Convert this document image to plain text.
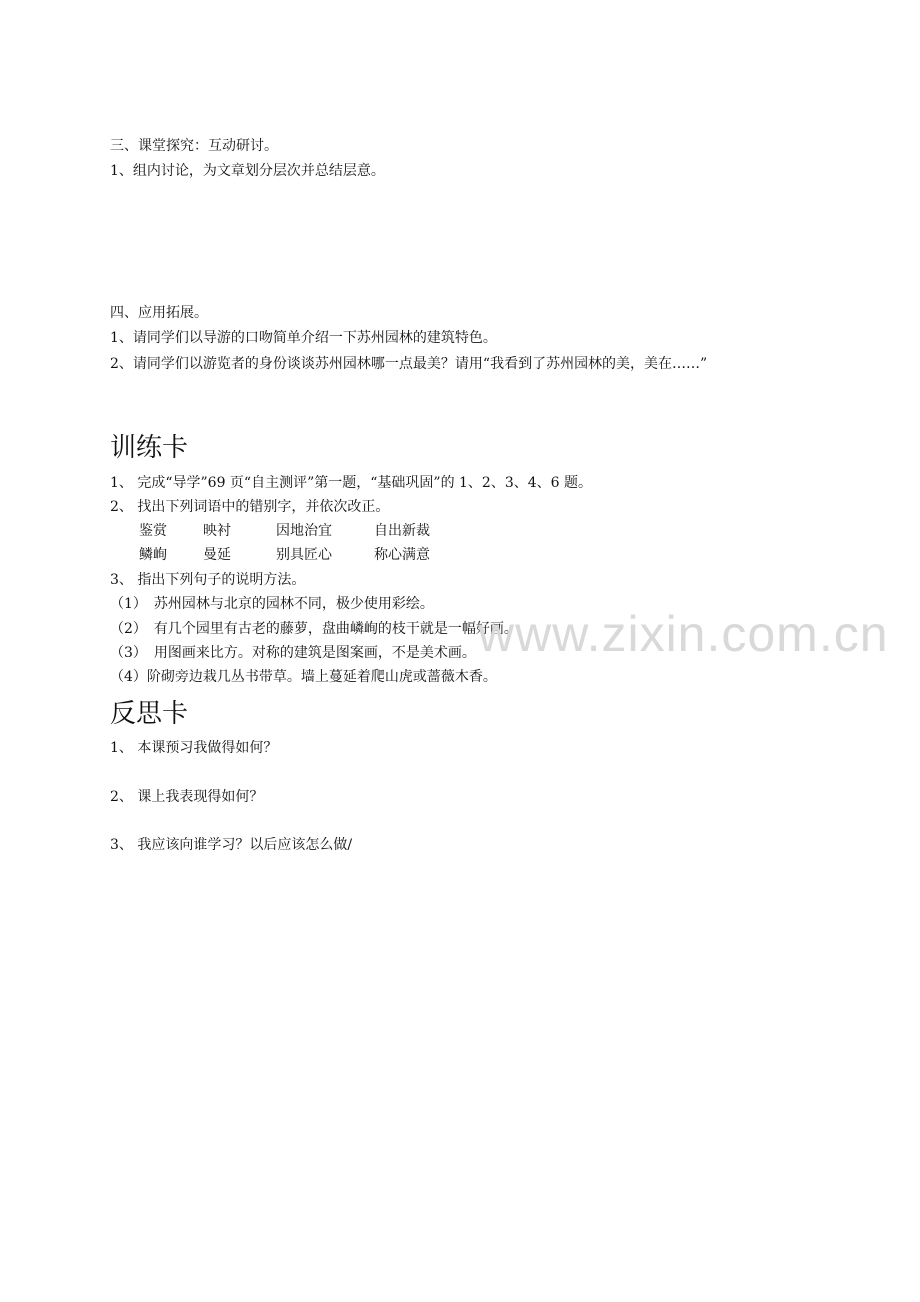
三、课堂探究：互动研讨。
1、组内讨论，为文章划分层次并总结层意。
四、应用拓展。
1、请同学们以导游的口吻简单介绍一下苏州园林的建筑特色。
2、请同学们以游览者的身份谈谈苏州园林哪一点最美？请用“我看到了苏州园林的美，美在……”
训练卡
1、 完成“导学”69 页“自主测评”第一题，“基础巩固”的 1、2、3、4、6 题。
2、 找出下列词语中的错别字，并依次改正。
鉴赏	映衬	因地治宜	自出新裁
鳞峋	曼延	别具匠心	称心满意
3、 指出下列句子的说明方法。
（1）　苏州园林与北京的园林不同，极少使用彩绘。
（2）　有几个园里有古老的藤萝，盘曲嶙峋的枝干就是一幅好画。
（3）　用图画来比方。对称的建筑是图案画，不是美术画。
（4）阶砌旁边栽几丛书带草。墙上蔓延着爬山虎或蔷薇木香。
www.zixin.com.cn
反思卡
1、 本课预习我做得如何？
2、 课上我表现得如何？
3、 我应该向谁学习？以后应该怎么做/
